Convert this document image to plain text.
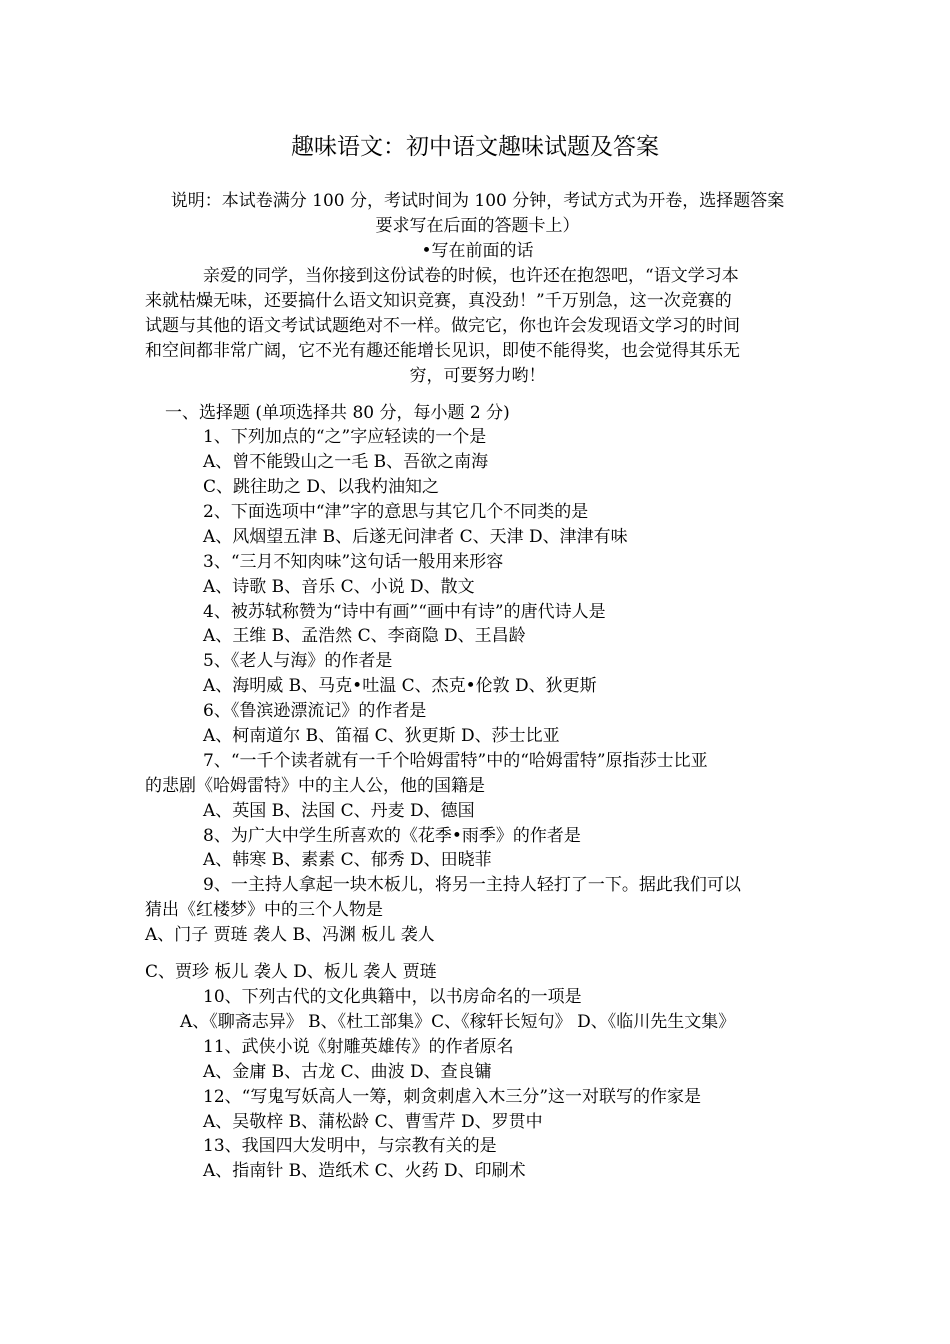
趣味语文：初中语文趣味试题及答案
说明：本试卷满分 100 分，考试时间为 100 分钟，考试方式为开卷，选择题答案
要求写在后面的答题卡上）
•写在前面的话
亲爱的同学，当你接到这份试卷的时候，也许还在抱怨吧，“语文学习本
来就枯燥无味，还要搞什么语文知识竞赛，真没劲！”千万别急，这一次竞赛的
试题与其他的语文考试试题绝对不一样。做完它，你也许会发现语文学习的时间
和空间都非常广阔，它不光有趣还能增长见识，即使不能得奖，也会觉得其乐无
穷，可要努力哟！
一、选择题 (单项选择共 80 分，每小题 2 分)
1、下列加点的“之”字应轻读的一个是
A、曾不能毁山之一毛 B、吾欲之南海
C、跳往助之 D、以我杓油知之
2、下面选项中“津”字的意思与其它几个不同类的是
A、风烟望五津 B、后遂无问津者 C、天津 D、津津有味
3、“三月不知肉味”这句话一般用来形容
A、诗歌 B、音乐 C、小说 D、散文
4、被苏轼称赞为“诗中有画”“画中有诗”的唐代诗人是
A、王维 B、孟浩然 C、李商隐 D、王昌龄
5、《老人与海》的作者是
A、海明威 B、马克•吐温 C、杰克•伦敦 D、狄更斯
6、《鲁滨逊漂流记》的作者是
A、柯南道尔 B、笛福 C、狄更斯 D、莎士比亚
7、“一千个读者就有一千个哈姆雷特”中的“哈姆雷特”原指莎士比亚
的悲剧《哈姆雷特》中的主人公，他的国籍是
A、英国 B、法国 C、丹麦 D、德国
8、为广大中学生所喜欢的《花季•雨季》的作者是
A、韩寒 B、素素 C、郁秀 D、田晓菲
9、一主持人拿起一块木板儿，将另一主持人轻打了一下。据此我们可以
猜出《红楼梦》中的三个人物是
A、门子 贾琏 袭人 B、冯渊 板儿 袭人
C、贾珍 板儿 袭人 D、板儿 袭人 贾琏
10、下列古代的文化典籍中，以书房命名的一项是
A、《聊斋志异》 B、《杜工部集》C、《稼轩长短句》 D、《临川先生文集》
11、武侠小说《射雕英雄传》的作者原名
A、金庸 B、古龙 C、曲波 D、查良镛
12、“写鬼写妖高人一筹，刺贪刺虐入木三分”这一对联写的作家是
A、吴敬梓 B、蒲松龄 C、曹雪芹 D、罗贯中
13、我国四大发明中，与宗教有关的是
A、指南针 B、造纸术 C、火药 D、印刷术
